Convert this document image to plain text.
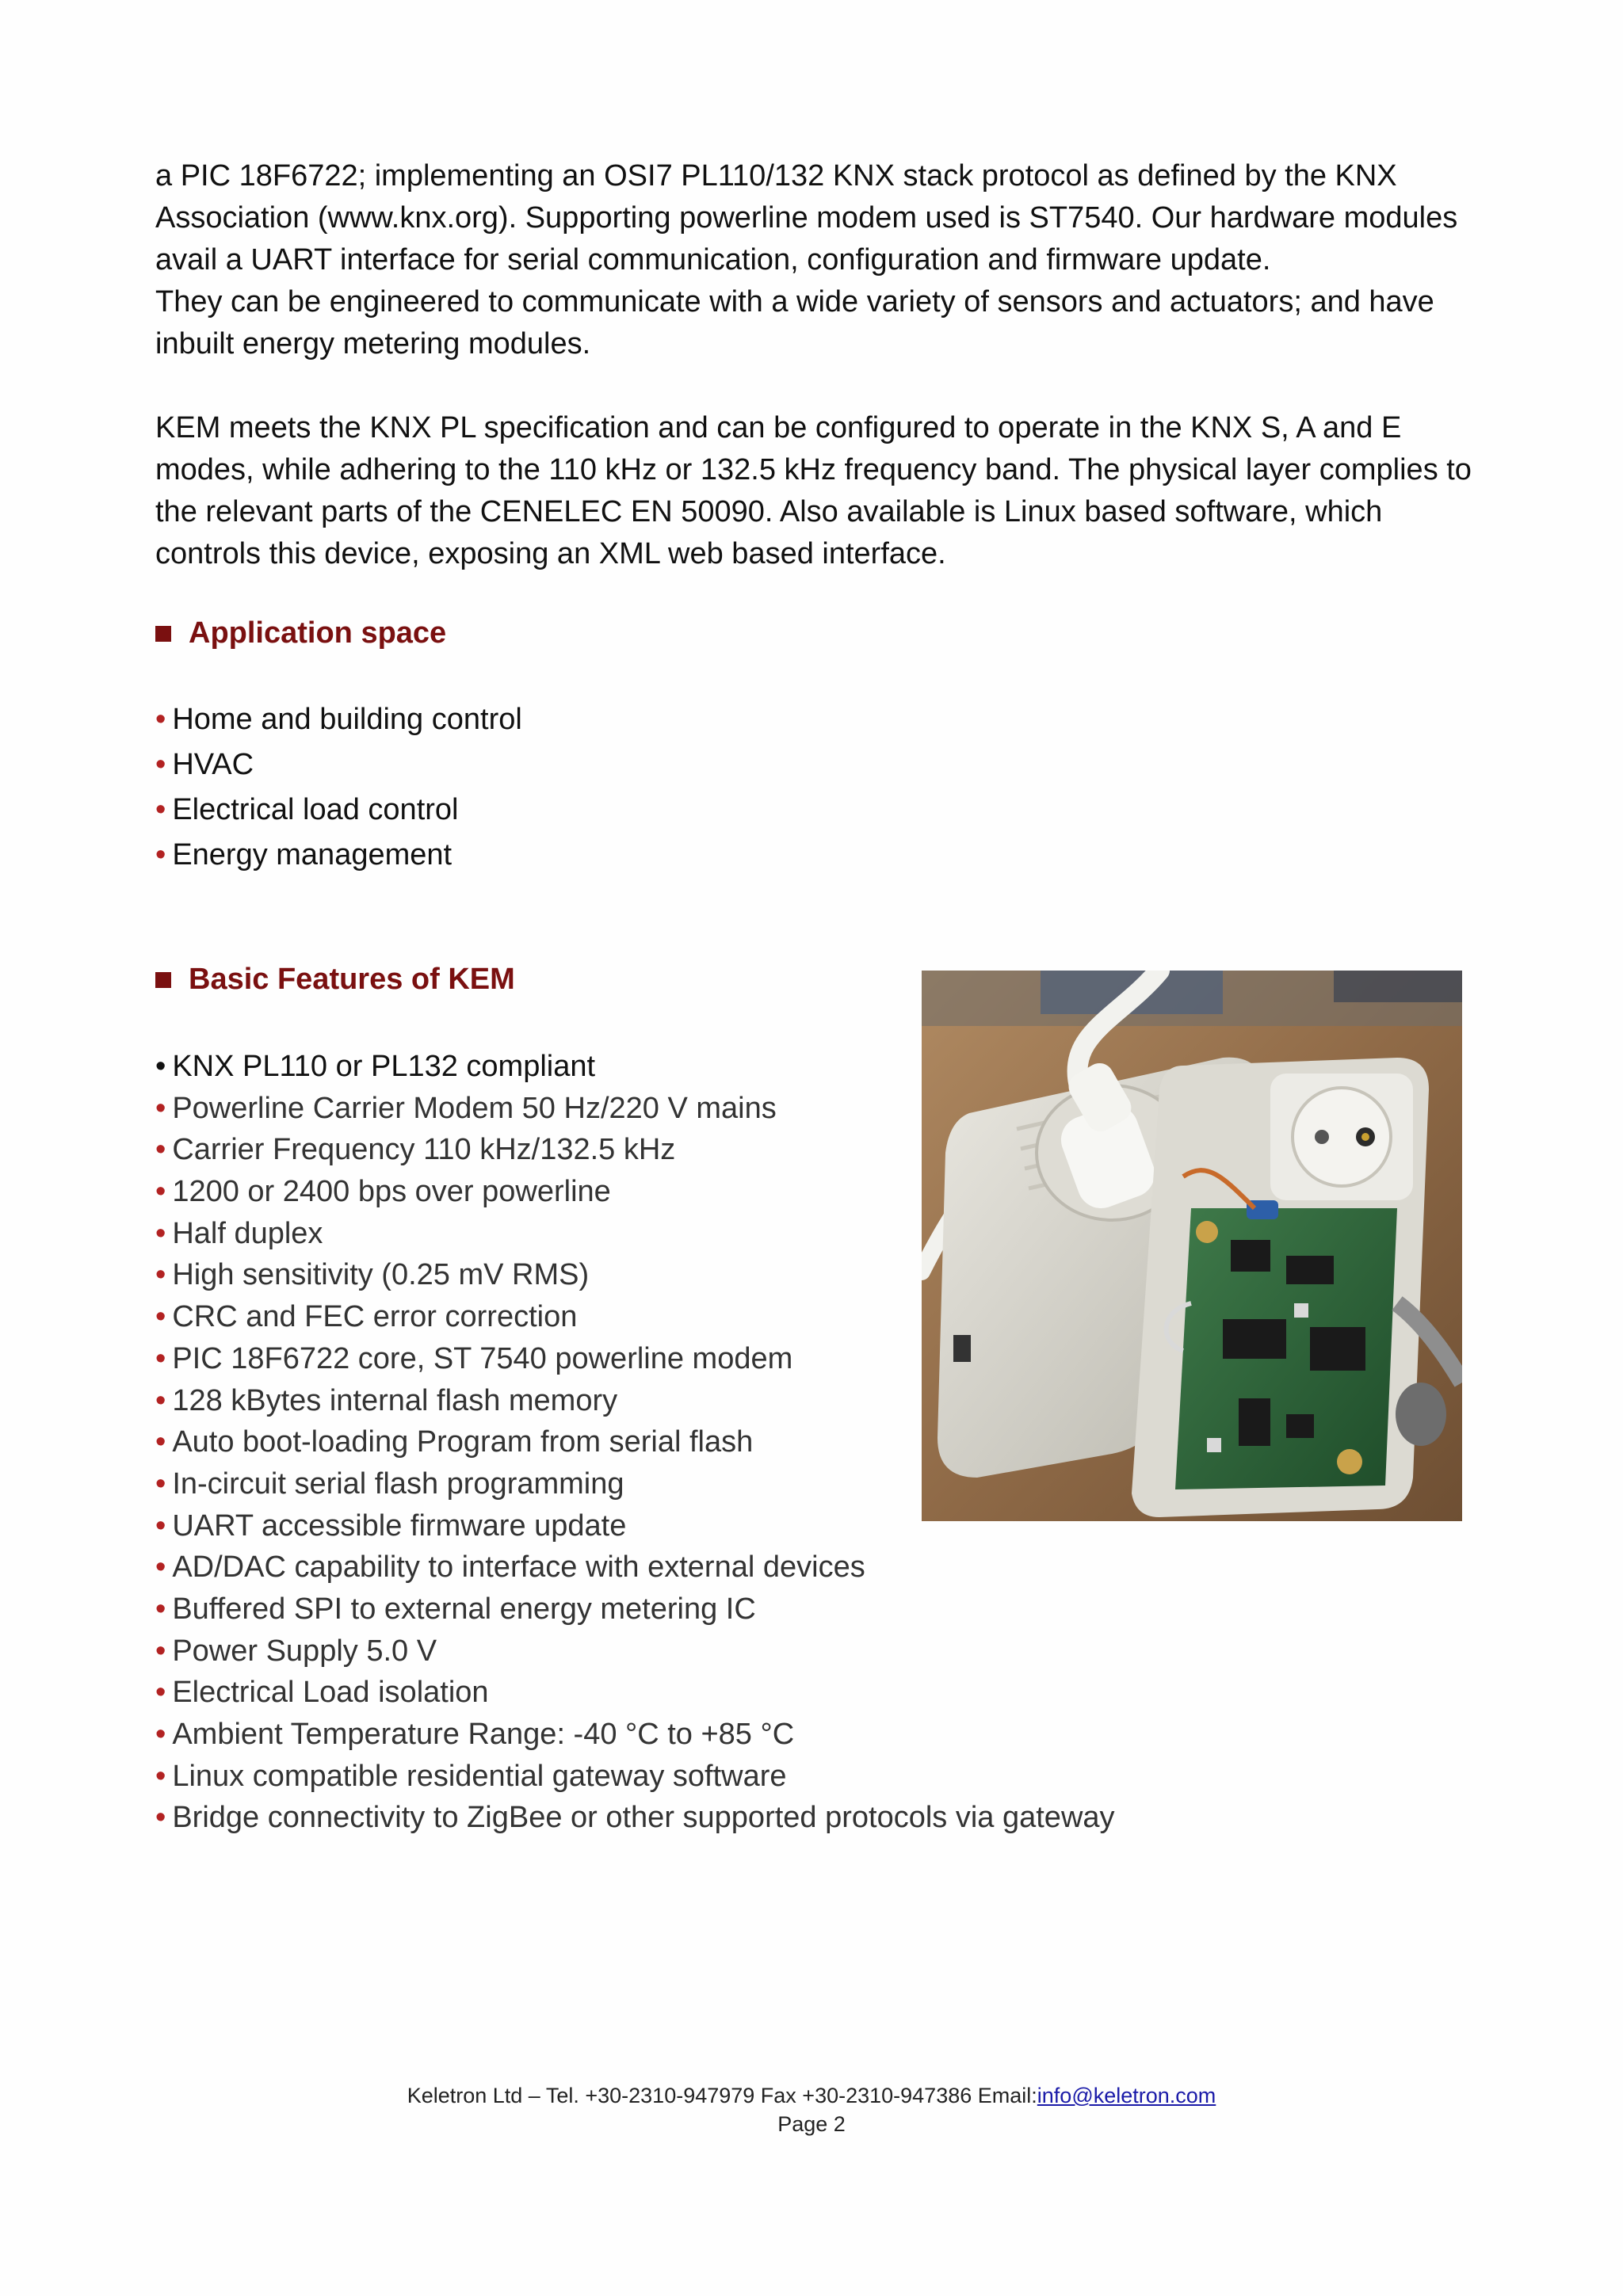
a PIC 18F6722; implementing an OSI7 PL110/132 KNX stack protocol as defined by the KNX
Association (www.knx.org). Supporting powerline modem used is ST7540. Our hardware modules
avail a UART interface for serial communication, configuration and firmware update.
They can be engineered to communicate with a wide variety of sensors and actuators; and have
inbuilt energy metering modules.

KEM meets the KNX PL specification and can be configured to operate in the KNX S, A and E
modes, while adhering to the 110 kHz or 132.5 kHz frequency band. The physical layer complies to
the relevant parts of the CENELEC EN 50090. Also available is Linux based software, which
controls this device, exposing an XML web based interface.

Application space
• Home and building control
• HVAC
• Electrical load control
• Energy management
Basic Features of KEM
• KNX PL110 or PL132 compliant
• Powerline Carrier Modem 50 Hz/220 V mains
• Carrier Frequency 110 kHz/132.5 kHz
• 1200 or 2400 bps over powerline
• Half duplex
• High sensitivity (0.25 mV RMS)
• CRC and FEC error correction
• PIC 18F6722 core, ST 7540 powerline modem
• 128 kBytes internal flash memory
• Auto boot-loading Program from serial flash
• In-circuit serial flash programming
• UART accessible firmware update
• AD/DAC capability to interface with external devices
• Buffered SPI to external energy metering IC
• Power Supply 5.0 V
• Electrical Load isolation
• Ambient Temperature Range: -40 °C to +85 °C
• Linux compatible residential gateway software
• Bridge connectivity to ZigBee or other supported protocols via gateway
Keletron Ltd – Tel. +30-2310-947979 Fax +30-2310-947386 Email:info@keletron.com
Page 2
